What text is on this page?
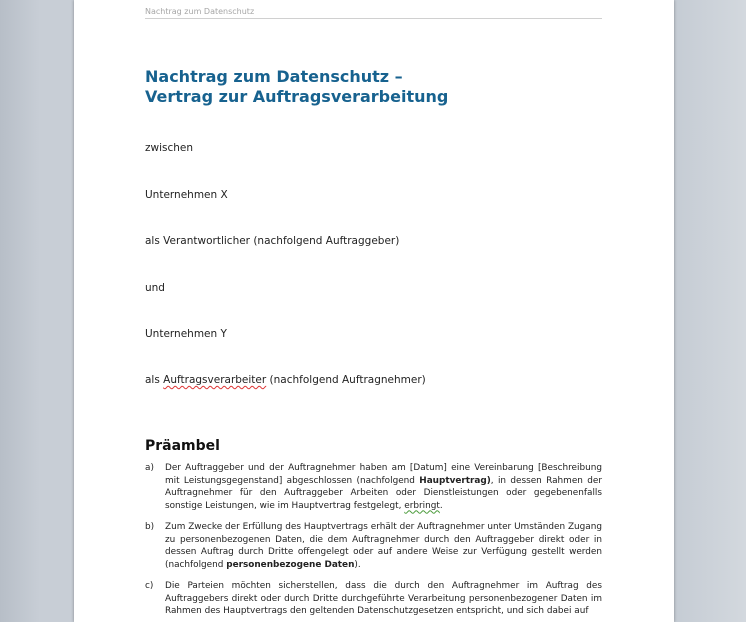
Nachtrag zum Datenschutz
Nachtrag zum Datenschutz –
Vertrag zur Auftragsverarbeitung
zwischen
Unternehmen X
als Verantwortlicher (nachfolgend Auftraggeber)
und
Unternehmen Y
als Auftragsverarbeiter (nachfolgend Auftragnehmer)
Präambel
a) Der Auftraggeber und der Auftragnehmer haben am [Datum] eine Vereinbarung [Beschreibung mit Leistungsgegenstand] abgeschlossen (nachfolgend Hauptvertrag), in dessen Rahmen der Auftragnehmer für den Auftraggeber Arbeiten oder Dienstleistungen oder gegebenenfalls sonstige Leistungen, wie im Hauptvertrag festgelegt, erbringt.
b) Zum Zwecke der Erfüllung des Hauptvertrags erhält der Auftragnehmer unter Umständen Zugang zu personenbezogenen Daten, die dem Auftragnehmer durch den Auftraggeber direkt oder in dessen Auftrag durch Dritte offengelegt oder auf andere Weise zur Verfügung gestellt werden (nachfolgend personenbezogene Daten).
c) Die Parteien möchten sicherstellen, dass die durch den Auftragnehmer im Auftrag des Auftraggebers direkt oder durch Dritte durchgeführte Verarbeitung personenbezogener Daten im Rahmen des Hauptvertrags den geltenden Datenschutzgesetzen entspricht, und sich dabei auf
